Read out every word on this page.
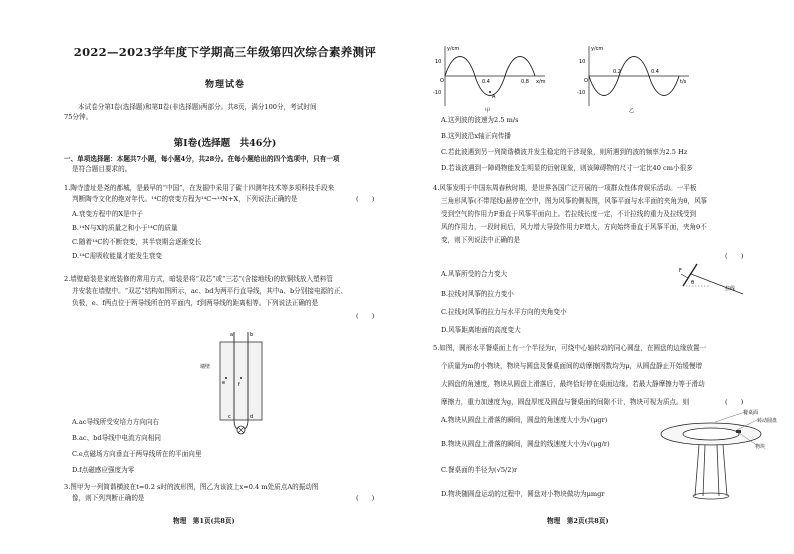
2022—2023学年度下学期高三年级第四次综合素养测评
物理试卷
本试卷分第Ⅰ卷(选择题)和第Ⅱ卷(非选择题)两部分。共8页，满分100分，考试时间
75分钟。
第Ⅰ卷(选择题　共46分)
一、单项选择题：本题共7小题，每小题4分，共28分。在每小题给出的四个选项中，只有一项
是符合题目要求的。
1.陶寺遗址是尧的都城，是最早的“中国”，在发掘中采用了碳十四测年技术等多项科技手段来
判断陶寺文化的绝对年代。¹⁴C的衰变方程为¹⁴C→¹⁴N+X，下列说法正确的是	(　　)
A.衰变方程中的X是中子
B.¹⁴N与X的质量之和小于¹⁴C的质量
C.随着¹⁴C的不断衰变，其半衰期会逐渐变长
D.¹⁴C需吸收能量才能发生衰变
2.墙壁暗装是家庭装修的常用方式，暗装是将“双芯”或“三芯”(含接地线)的软铜线放入塑料管
并安装在墙壁中。“双芯”结构如图所示，ac、bd为两平行直导线，其中a、b分别接电源的正、
负极，e、f两点位于两导线所在的平面内，f到两导线的距离相等。下列说法正确的是
(　　)
墙壁
a	b
c	d
e	f
A.ac导线所受安培力方向向右
B.ac、bd导线中电流方向相同
C.e点磁场方向垂直于两导线所在的平面向里
D.f点磁感应强度为零
3.图甲为一列简谐横波在t=0.2 s时的波形图，图乙为该波上x=0.4 m处质点A的振动图
像，则下列判断正确的是	(　　)
物理　第1页(共8页)
y/cm
x/m
10
-10
O	0.4	0.8
A
甲
y/cm
t/s
10
-10
O
0.2	0.4
乙
A.这列波的波速为2.5 m/s
B.这列波沿x轴正向传播
C.若此波遇到另一列简谐横波并发生稳定的干涉现象，则所遇到的波的频率为2.5 Hz
D.若该波遇到一障碍物能发生明显的衍射现象，则该障碍物的尺寸一定比40 cm小很多
4.风筝发明于中国东周春秋时期，是世界各国广泛开展的一项群众性体育娱乐活动。一平板
三角形风筝(不带尾线)悬停在空中，图为风筝的侧视图，风筝平面与水平面的夹角为θ，风筝
受到空气的作用力F垂直于风筝平面向上。若拉线长度一定，不计拉线的重力及拉线受到
风的作用力，一段时间后，风力增大导致作用力F增大，方向始终垂直于风筝平面，夹角θ不
变，则下列说法中正确的是
(　　)
F
θ
拉线
A.风筝所受的合力变大
B.拉线对风筝的拉力变小
C.拉线对风筝的拉力与水平方向的夹角变小
D.风筝距离地面的高度变大
5.如图，圆形水平餐桌面上有一个半径为r，可绕中心轴转动的同心圆盘，在圆盘的边缘放置一
个质量为m的小物块，物块与圆盘及餐桌面间的动摩擦因数均为μ，从圆盘静止开始缓慢增
大圆盘的角速度，物块从圆盘上滑落后，最终恰好停在桌面边缘。若最大静摩擦力等于滑动
摩擦力，重力加速度为g，圆盘厚度及圆盘与餐桌面的间隙不计，物块可视为质点。则	(　　)
餐桌面
转动圆盘
物块
A.物块从圆盘上滑落的瞬间，圆盘的角速度大小为√(μgr)
B.物块从圆盘上滑落的瞬间，圆盘的线速度大小为√(μg/r)
C.餐桌面的半径为(√5/2)r
D.物块随圆盘运动的过程中，圆盘对小物块做功为μmgr
物理　第2页(共8页)
